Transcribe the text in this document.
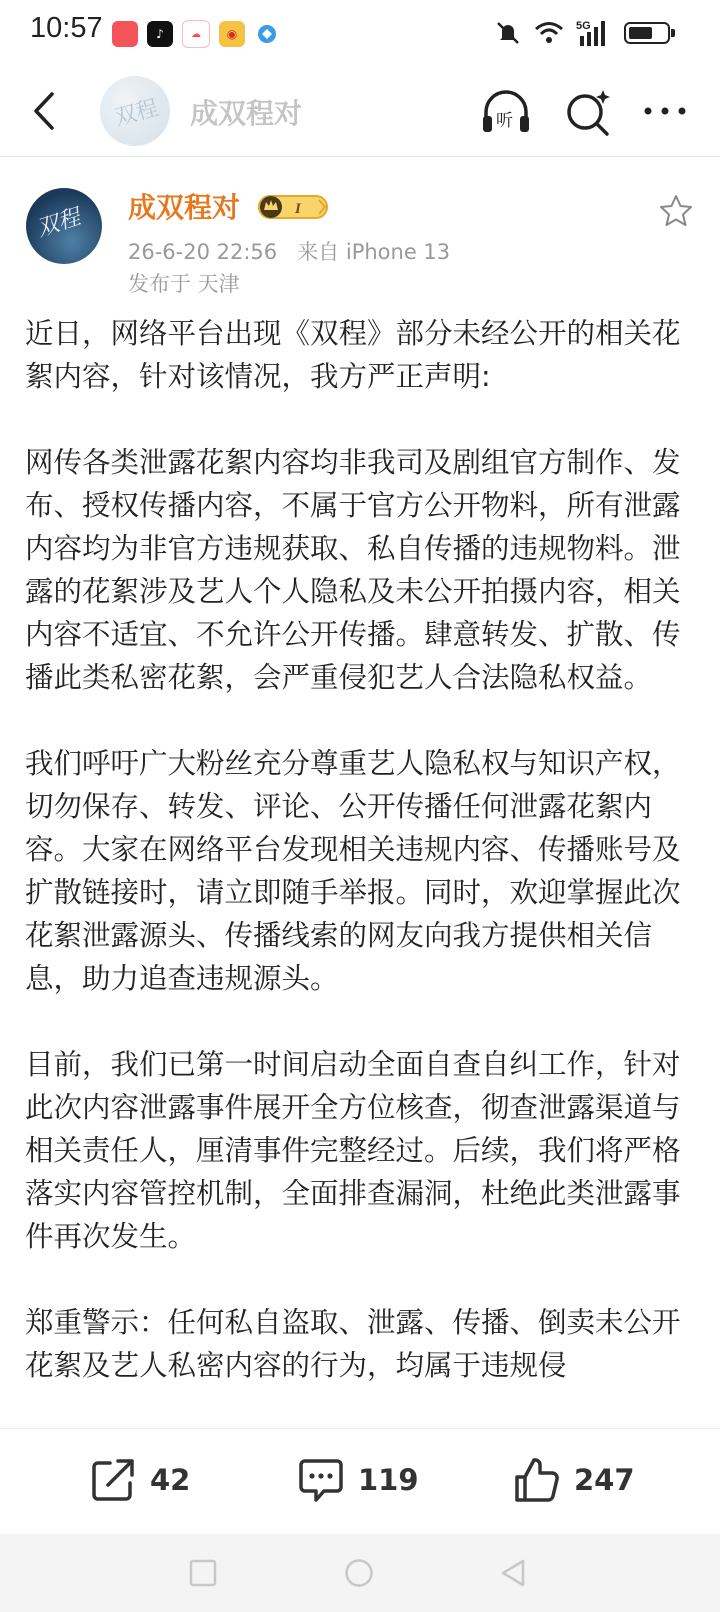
10:57	♪	☁	◉
5G
双程 成双程对	听
双程 成双程对	I
26-6-20 22:56 来自 iPhone 13
发布于 天津

近日，网络平台出现《双程》部分未经公开的相关花絮内容，针对该情况，我方严正声明:

网传各类泄露花絮内容均非我司及剧组官方制作、发布、授权传播内容，不属于官方公开物料，所有泄露内容均为非官方违规获取、私自传播的违规物料。泄露的花絮涉及艺人个人隐私及未公开拍摄内容，相关内容不适宜、不允许公开传播。肆意转发、扩散、传播此类私密花絮，会严重侵犯艺人合法隐私权益。

我们呼吁广大粉丝充分尊重艺人隐私权与知识产权，切勿保存、转发、评论、公开传播任何泄露花絮内容。大家在网络平台发现相关违规内容、传播账号及扩散链接时，请立即随手举报。同时，欢迎掌握此次花絮泄露源头、传播线索的网友向我方提供相关信息，助力追查违规源头。

目前，我们已第一时间启动全面自查自纠工作，针对此次内容泄露事件展开全方位核查，彻查泄露渠道与相关责任人，厘清事件完整经过。后续，我们将严格落实内容管控机制，全面排查漏洞，杜绝此类泄露事件再次发生。

郑重警示：任何私自盗取、泄露、传播、倒卖未公开花絮及艺人私密内容的行为，均属于违规侵

42	119	247
